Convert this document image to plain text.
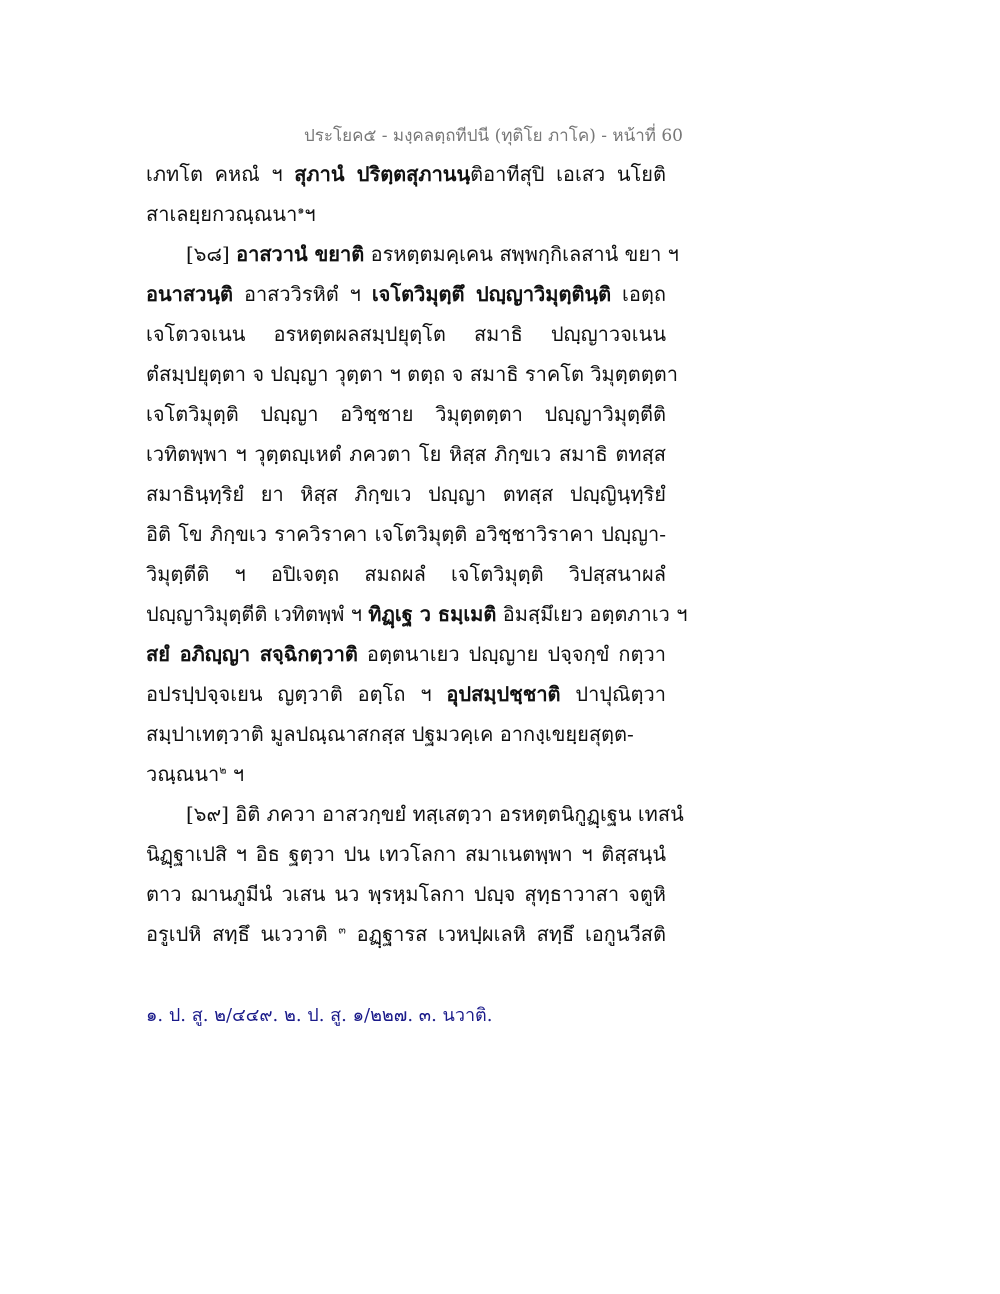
ประโยค๕ - มงฺคลตฺถทีปนี (ทุติโย ภาโค) - หน้าที่ 60
เภทโต คหณํ ฯ สุภานํ ปริตฺตสุภานนฺติอาทีสุปิ เอเสว นโยติ
สาเลยฺยกวณฺณนา$^๑$ฯ
[๖๘] อาสวานํ ขยาติ อรหตฺตมคฺเคน สพฺพกฺกิเลสานํ ขยา ฯ
อนาสวนฺติ อาสววิรหิตํ ฯ เจโตวิมุตฺตึ ปญฺญาวิมุตฺตินฺติ เอตฺถ
เจโตวจเนน อรหตฺตผลสมฺปยุตฺโต สมาธิ ปญฺญาวจเนน
ตํสมฺปยุตฺตา จ ปญฺญา วุตฺตา ฯ ตตฺถ จ สมาธิ ราคโต วิมุตฺตตฺตา
เจโตวิมุตฺติ ปญฺญา อวิชฺชาย วิมุตฺตตฺตา ปญฺญาวิมุตฺตีติ
เวทิตพฺพา ฯ วุตฺตญฺเหตํ ภควตา โย หิสฺส ภิกฺขเว สมาธิ ตทสฺส
สมาธินฺทฺริยํ ยา หิสฺส ภิกฺขเว ปญฺญา ตทสฺส ปญฺญินฺทฺริยํ
อิติ โข ภิกฺขเว ราควิราคา เจโตวิมุตฺติ อวิชฺชาวิราคา ปญฺญา-
วิมุตฺตีติ ฯ อปิเจตฺถ สมถผลํ เจโตวิมุตฺติ วิปสฺสนาผลํ
ปญฺญาวิมุตฺตีติ เวทิตพฺพํ ฯ ทิฏฺเฐ ว ธมฺเมติ อิมสฺมึเยว อตฺตภาเว ฯ
สยํ อภิญฺญา สจฺฉิกตฺวาติ อตฺตนาเยว ปญฺญาย ปจฺจกฺขํ กตฺวา
อปรปฺปจฺจเยน ญตฺวาติ อตฺโถ ฯ อุปสมฺปชฺชาติ ปาปุณิตฺวา
สมฺปาเทตฺวาติ มูลปณฺณาสกสฺส ปฐมวคฺเค อากงฺเขยฺยสุตฺต-
วณฺณนา$^๒$ ฯ
[๖๙] อิติ ภควา อาสวกฺขยํ ทสฺเสตฺวา อรหตฺตนิกูฏฺเฐน เทสนํ
นิฏฺฐาเปสิ ฯ อิธ ฐตฺวา ปน เทวโลกา สมาเนตพฺพา ฯ ติสฺสนฺนํ
ตาว ฌานภูมีนํ วเสน นว พฺรหฺมโลกา ปญฺจ สุทฺธาวาสา จตูหิ
อรูเปหิ สทฺธึ นเววาติ $^๓$ อฏฺฐารส เวหปฺผเลหิ สทฺธึ เอกูนวีสติ
๑. ป. สู. ๒/๔๔๙. ๒. ป. สู. ๑/๒๒๗. ๓. นวาติ.
